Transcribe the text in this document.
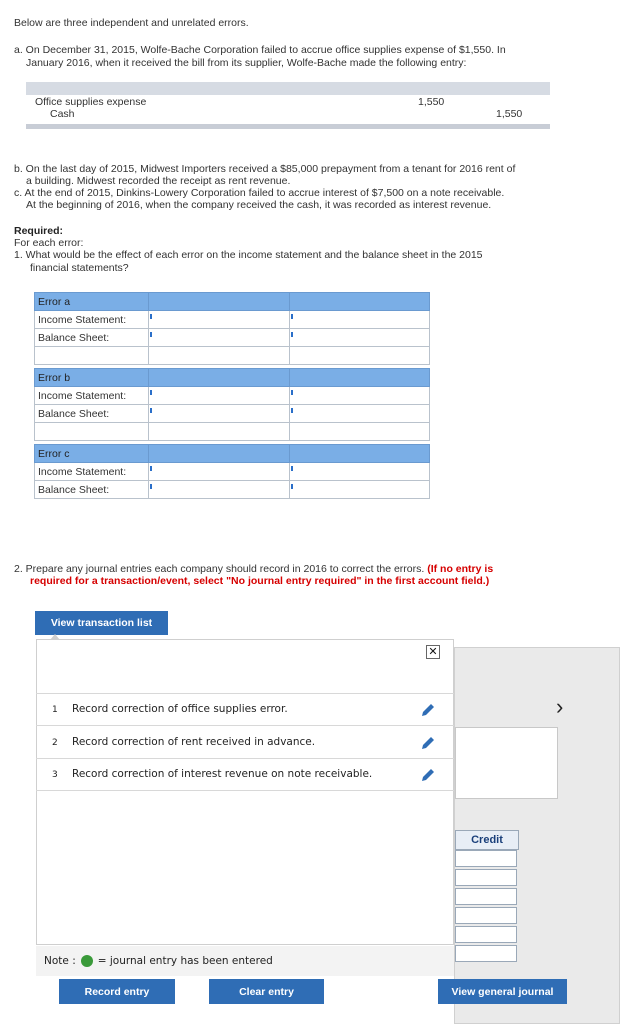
Below are three independent and unrelated errors.
a. On December 31, 2015, Wolfe-Bache Corporation failed to accrue office supplies expense of $1,550. In
January 2016, when it received the bill from its supplier, Wolfe-Bache made the following entry:
Office supplies expense	1,550
Cash	1,550
b. On the last day of 2015, Midwest Importers received a $85,000 prepayment from a tenant for 2016 rent of
a building. Midwest recorded the receipt as rent revenue.
c. At the end of 2015, Dinkins-Lowery Corporation failed to accrue interest of $7,500 on a note receivable.
At the beginning of 2016, when the company received the cash, it was recorded as interest revenue.
Required:
For each error:
1. What would be the effect of each error on the income statement and the balance sheet in the 2015
financial statements?
Error a		
Income Statement:		
Balance Sheet:		

Error b		
Income Statement:		
Balance Sheet:		

Error c		
Income Statement:		
Balance Sheet:		
2. Prepare any journal entries each company should record in 2016 to correct the errors. (If no entry is
required for a transaction/event, select "No journal entry required" in the first account field.)
View transaction list
›
Credit
✕
1 Record correction of office supplies error.
2 Record correction of rent received in advance.
3 Record correction of interest revenue on note receivable.
Note : = journal entry has been entered
Record entry	Clear entry	View general journal
